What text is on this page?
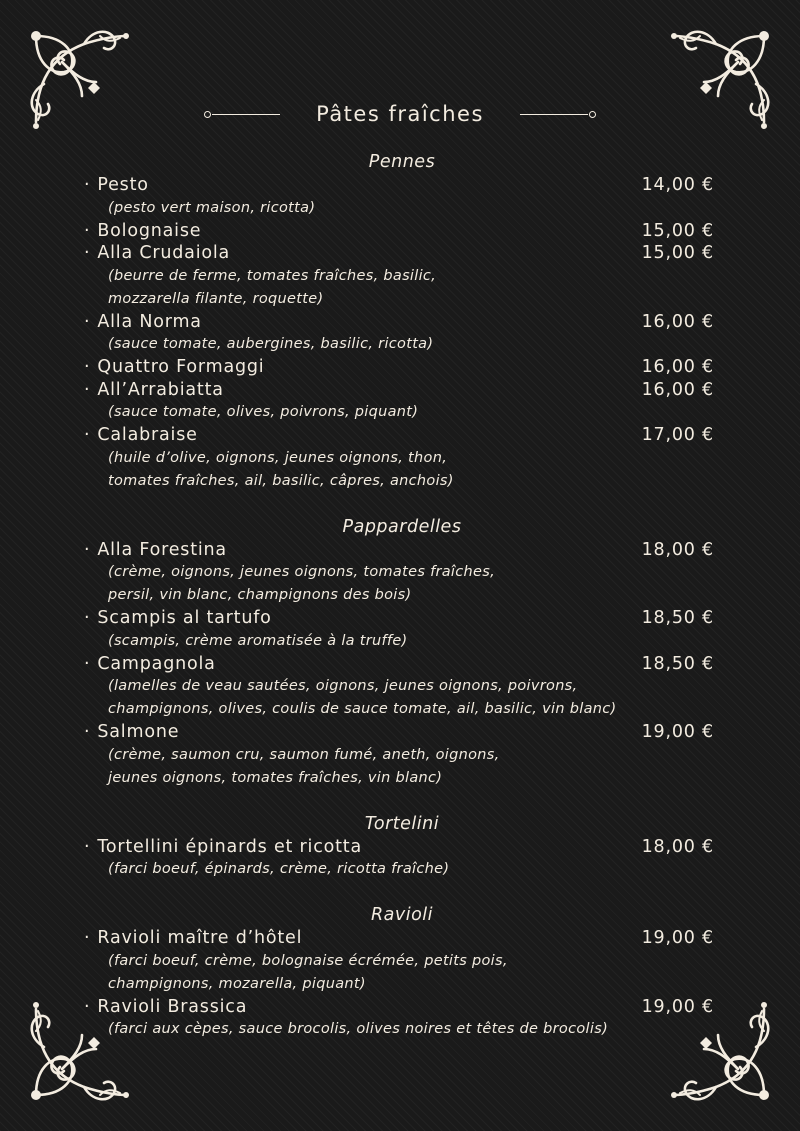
Pâtes fraîches
Pennes
· Pesto	14,00 €
(pesto vert maison, ricotta)
· Bolognaise	15,00 €
· Alla Crudaiola	15,00 €
(beurre de ferme, tomates fraîches, basilic,
mozzarella filante, roquette)
· Alla Norma	16,00 €
(sauce tomate, aubergines, basilic, ricotta)
· Quattro Formaggi	16,00 €
· All’Arrabiatta	16,00 €
(sauce tomate, olives, poivrons, piquant)
· Calabraise	17,00 €
(huile d’olive, oignons, jeunes oignons, thon,
tomates fraîches, ail, basilic, câpres, anchois)
Pappardelles
· Alla Forestina	18,00 €
(crème, oignons, jeunes oignons, tomates fraîches,
persil, vin blanc, champignons des bois)
· Scampis al tartufo	18,50 €
(scampis, crème aromatisée à la truffe)
· Campagnola	18,50 €
(lamelles de veau sautées, oignons, jeunes oignons, poivrons,
champignons, olives, coulis de sauce tomate, ail, basilic, vin blanc)
· Salmone	19,00 €
(crème, saumon cru, saumon fumé, aneth, oignons,
jeunes oignons, tomates fraîches, vin blanc)
Tortelini
· Tortellini épinards et ricotta	18,00 €
(farci boeuf, épinards, crème, ricotta fraîche)
Ravioli
· Ravioli maître d’hôtel	19,00 €
(farci boeuf, crème, bolognaise écrémée, petits pois,
champignons, mozarella, piquant)
· Ravioli Brassica	19,00 €
(farci aux cèpes, sauce brocolis, olives noires et têtes de brocolis)
